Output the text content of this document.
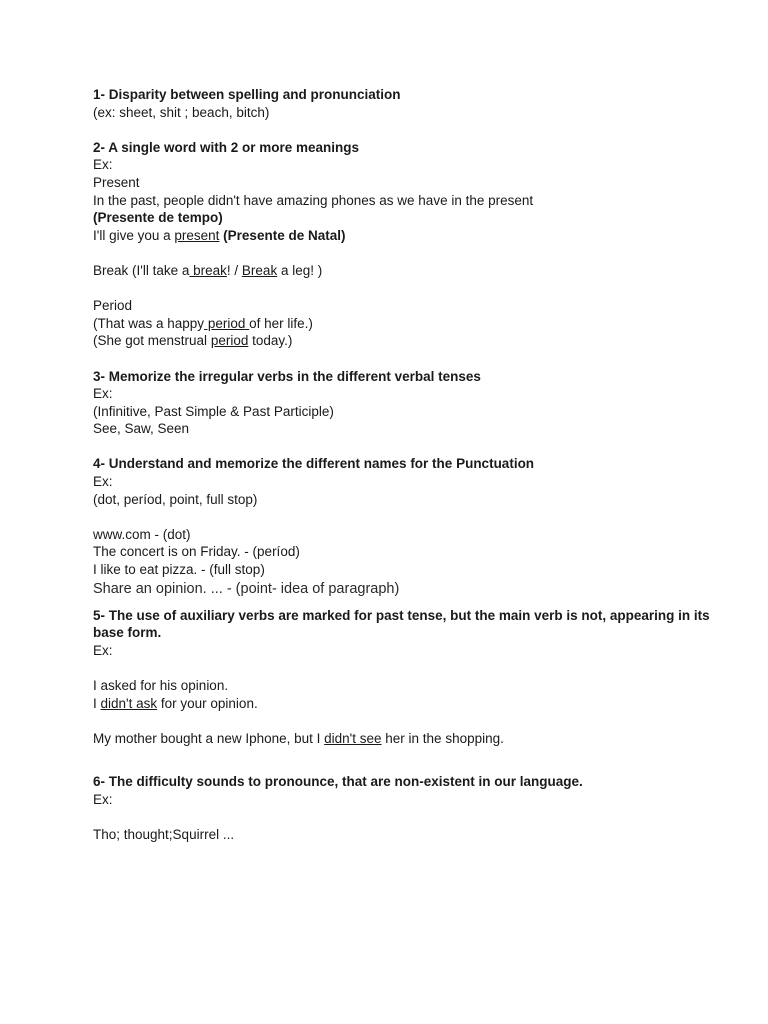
1- Disparity between spelling and pronunciation
(ex: sheet, shit ; beach, bitch)
2- A single word with 2 or more meanings
Ex:
Present
In the past, people didn't have amazing phones as we have in the present
(Presente de tempo)
I'll give you a present (Presente de Natal)
Break (I'll take a break! / Break a leg! )
Period
(That was a happy period of her life.)
(She got menstrual period today.)
3- Memorize the irregular verbs in the different verbal tenses
Ex:
(Infinitive, Past Simple & Past Participle)
See, Saw, Seen
4- Understand and memorize the different names for the Punctuation
Ex:
(dot, períod, point, full stop)
www.com - (dot)
The concert is on Friday. - (períod)
I like to eat pizza. - (full stop)
Share an opinion. ... - (point- idea of paragraph)
5- The use of auxiliary verbs are marked for past tense, but the main verb is not, appearing in its base form.
Ex:
I asked for his opinion.
I didn't ask for your opinion.
My mother bought a new Iphone, but I didn't see her in the shopping.
6- The difficulty sounds to pronounce, that are non-existent in our language.
Ex:
Tho; thought;Squirrel ...
